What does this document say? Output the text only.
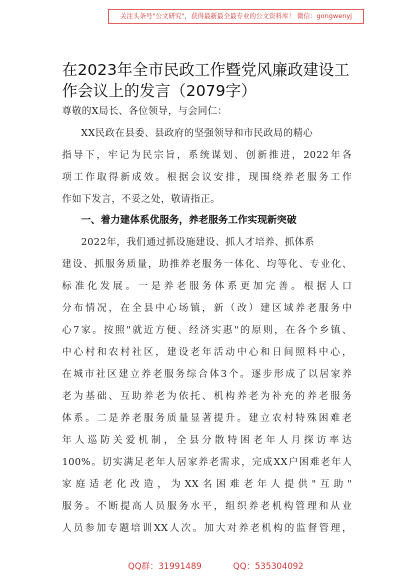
关注头条号"公文研究"，获得最新最全最专业的公文资料库！ 微信：gongwenyj
在2023年全市民政工作暨党风廉政建设工
作会议上的发言（2079字）
尊敬的X局长、各位领导，与会同仁：
XX民政在县委、县政府的坚强领导和市民政局的精心
指导下，牢记为民宗旨，系统谋划、创新推进，2022年各
项工作取得新成效。根据会议安排，现围绕养老服务工作
作如下发言，不妥之处，敬请指正。
一、着力建体系优服务，养老服务工作实现新突破
2022年，我们通过抓设施建设、抓人才培养、抓体系
建设、抓服务质量，助推养老服务一体化、均等化、专业化、
标准化发展。一是养老服务体系更加完善。根据人口
分布情况，在全县中心场镇，新（改）建区域养老服务中
心7家。按照"就近方便、经济实惠"的原则，在各个乡镇、
中心村和农村社区，建设老年活动中心和日间照料中心，
在城市社区建立养老服务综合体3个。逐步形成了以居家养
老为基础、互助养老为依托、机构养老为补充的养老服务
体系。二是养老服务质量显著提升。建立农村特殊困难老
年人巡防关爱机制，全县分散特困老年人月探访率达
100%。切实满足老年人居家养老需求，完成XX户困难老年人
家庭适老化改造，为XX名困难老年人提供"互助"
服务。不断提高人员服务水平，组织养老机构管理和从业
人员参加专题培训XX人次。加大对养老机构的监督管理，
QQ群：31991489	QQ：535304092
